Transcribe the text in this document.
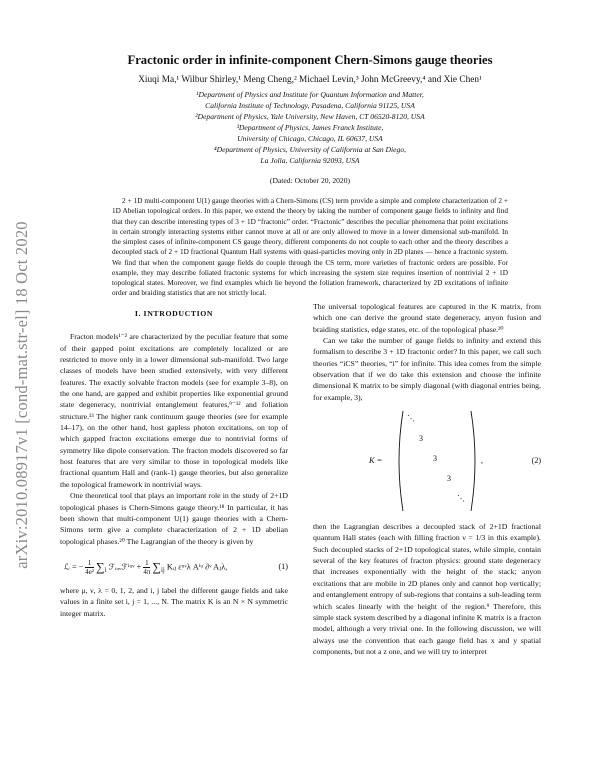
arXiv:2010.08917v1 [cond-mat.str-el] 18 Oct 2020
Fractonic order in infinite-component Chern-Simons gauge theories
Xiuqi Ma,¹ Wilbur Shirley,¹ Meng Cheng,² Michael Levin,³ John McGreevy,⁴ and Xie Chen¹
¹Department of Physics and Institute for Quantum Information and Matter,
California Institute of Technology, Pasadena, California 91125, USA
²Department of Physics, Yale University, New Haven, CT 06520-8120, USA
³Department of Physics, James Franck Institute,
University of Chicago, Chicago, IL 60637, USA
⁴Department of Physics, University of California at San Diego,
La Jolla, California 92093, USA
(Dated: October 20, 2020)

2 + 1D multi-component U(1) gauge theories with a Chern-Simons (CS) term provide a simple and complete characterization of 2 + 1D Abelian topological orders. In this paper, we extend the theory by taking the number of component gauge fields to infinity and find that they can describe interesting types of 3 + 1D “fractonic” order. “Fractonic” describes the peculiar phenomena that point excitations in certain strongly interacting systems either cannot move at all or are only allowed to move in a lower dimensional sub-manifold. In the simplest cases of infinite-component CS gauge theory, different components do not couple to each other and the theory describes a decoupled stack of 2 + 1D fractional Quantum Hall systems with quasi-particles moving only in 2D planes — hence a fractonic system. We find that when the component gauge fields do couple through the CS term, more varieties of fractonic orders are possible. For example, they may describe foliated fractonic systems for which increasing the system size requires insertion of nontrivial 2 + 1D topological states. Moreover, we find examples which lie beyond the foliation framework, characterized by 2D excitations of infinite order and braiding statistics that are not strictly local.

I. INTRODUCTION

Fracton models¹⁻² are characterized by the peculiar feature that some of their gapped point excitations are completely localized or are restricted to move only in a lower dimensional sub-manifold. Two large classes of models have been studied extensively, with very different features. The exactly solvable fracton models (see for example 3–8), on the one hand, are gapped and exhibit properties like exponential ground state degeneracy, nontrivial entanglement features,⁹⁻¹² and foliation structure.¹³ The higher rank continuum gauge theories (see for example 14–17), on the other hand, host gapless photon excitations, on top of which gapped fracton excitations emerge due to nontrivial forms of symmetry like dipole conservation. The fracton models discovered so far host features that are very similar to those in topological models like fractional quantum Hall and (rank-1) gauge theories, but also generalize the topological framework in nontrivial ways.

One theoretical tool that plays an important role in the study of 2+1D topological phases is Chern-Simons gauge theory.¹⁸ In particular, it has been shown that multi-component U(1) gauge theories with a Chern-Simons term give a complete characterization of 2 + 1D abelian topological phases.²⁰ The Lagrangian of the theory is given by

ℒ = − $\frac{1}{\text{4e²}} \sum_i$ ℱᵢᵤᵥℱⁱᵘᵛ + $\frac{1}{4\pi} \sum_{ij}$ Kᵢⱼ εᵘᵛλ Aⁱᵘ ∂ᵛ Aⱼλ,	(1)

where μ, ν, λ = 0, 1, 2, and i, j label the different gauge fields and take values in a finite set i, j = 1, ..., N. The matrix K is an N × N symmetric integer matrix.

The universal topological features are captured in the K matrix, from which one can derive the ground state degeneracy, anyon fusion and braiding statistics, edge states, etc. of the topological phase.²⁰

Can we take the number of gauge fields to infinity and extend this formalism to describe 3 + 1D fractonic order? In this paper, we call such theories “iCS” theories, “i” for infinite. This idea comes from the simple observation that if we do take this extension and choose the infinite dimensional K matrix to be simply diagonal (with diagonal entries being, for example, 3),

K =
⋱
3
3
3
⋱
,	(2)

then the Lagrangian describes a decoupled stack of 2+1D fractional quantum Hall states (each with filling fraction ν = 1/3 in this example). Such decoupled stacks of 2+1D topological states, while simple, contain several of the key features of fracton physics: ground state degeneracy that increases exponentially with the height of the stack; anyon excitations that are mobile in 2D planes only and cannot hop vertically; and entanglement entropy of sub-regions that contains a sub-leading term which scales linearly with the height of the region.⁹ Therefore, this simple stack system described by a diagonal infinite K matrix is a fracton model, although a very trivial one. In the following discussion, we will always use the convention that each gauge field has x and y spatial components, but not a z one, and we will try to interpret
